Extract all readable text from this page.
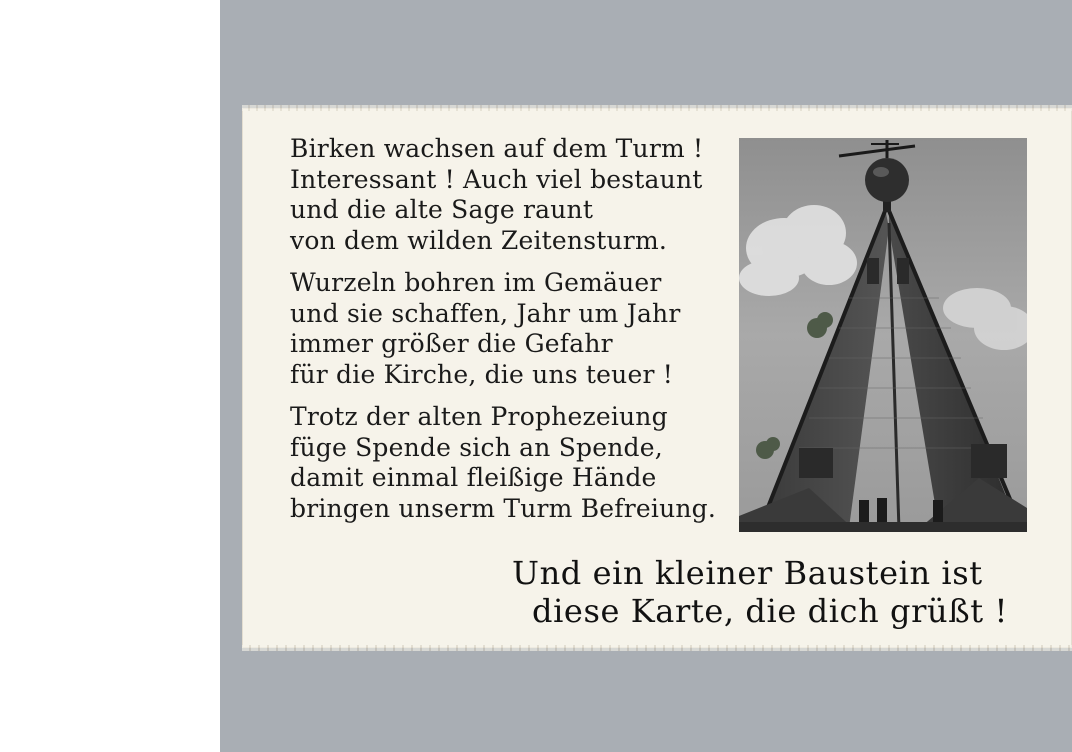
Birken wachsen auf dem Turm !
Interessant ! Auch viel bestaunt
und die alte Sage raunt
von dem wilden Zeitensturm.
Wurzeln bohren im Gemäuer
und sie schaffen, Jahr um Jahr
immer größer die Gefahr
für die Kirche, die uns teuer !
Trotz der alten Prophezeiung
füge Spende sich an Spende,
damit einmal fleißige Hände
bringen unserm Turm Befreiung.
Und ein kleiner Baustein ist
diese Karte, die dich grüßt !
